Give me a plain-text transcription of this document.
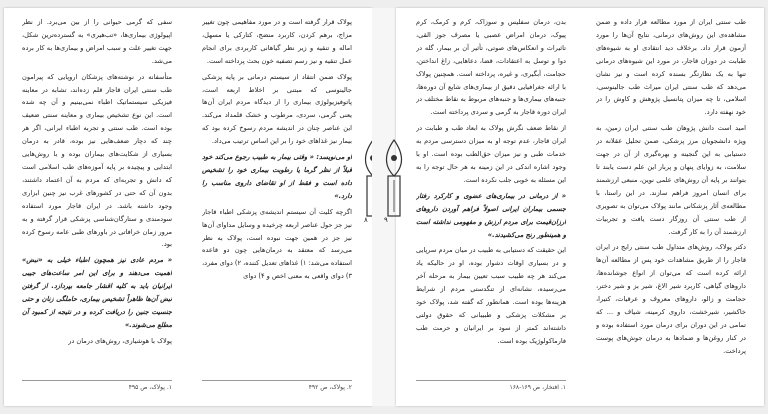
پولاک قرار گرفته است و در مورد مفاهیمی چون تغییر مزاج، برهم کردن، کاربرد منضج، کتارکی یا مسهل، اماله و تنقیه و زیر نظر گیاهانی کاربردی برای انجام عمل تنقیه و نیز رسم تصفیه خون بحث پرداخته است.

پولاک ضمن انتقاد از سیستم درمانی بر پایه پزشکی جالینوسی که مبتنی بر اخلاط اربعه است، پاتوفیزیولوژی بیماری را از دیدگاه مردم ایران آن‌ها یعنی گرمی، سردی، مرطوب و خشک قلمداد می‌کند. این عناصر چنان در اندیشه مردم رسوخ کرده بود که بیمار نیز غذاهای خود را بر این اساس ترتیب می‌داد.

او می‌نویسد: « وقتی بیمار به طبیب رجوع می‌کند خود قبلاً از نظر گرما یا رطوبت بیماری خود را تشخیص داده است و فقط از او تقاضای داروی مناسب را دارد.»

اگرچه کلیت آن سیستم اندیشه‌ی پزشکی اطباء قاجار نیز جز حول عناصر اربعه چرخیده و وسایل مداوای آن‌ها نیز جز در همین جهت نبوده است، پولاک به نظر می‌رسد که معتقد به درمان‌هایی چون دو قاعده استفاده می‌شد: ۱) غذاهای تعدیل کننده، ۲) دوای مفرد، ۳) دوای واقعی به معنی اخص و ۴) دوای

سفی که گرمی حیوانی را از بین می‌برد. از نظر اپیولوژی بیماری‌ها، «تب‌هیری» به گسترده‌ترین شکل، جهت تغییر علت و سبب امراض و بیماری‌ها به کار برده می‌شد.

متأسفانه در نوشته‌های پزشکان اروپایی که پیرامون طب سنتی ایران قاجار قلم زده‌اند، تشابه در معاینه فیزیکی سیستماتیک اطباء نمی‌بینیم و آن چه شده است. این نوع تشخیص بیماری و معاینه سنتی ضعیف بوده است. طب سنتی و تجربه اطباء ایرانی، اگر هر چند که دچار ضعف‌هایی نیز بوده، قادر به درمان بسیاری از شکایت‌های بیماران بوده و با روش‌هایی ابتدایی و پیچیده بر پایه آموزه‌های طب اسلامی است که دانش و تجربه‌ای که مردم به آن اعتماد داشتند، بدون آن که حتی در کشورهای غرب نیز چنین ابزاری وجود داشته باشد. در ایران قاجار مورد استفاده سودمندی و ستارگان‌شناسی پزشکی قرار گرفته و به مرور زمان خرافاتی در باورهای طبی عامه رسوخ کرده بود.

« مردم عادی نیز همچون اطباء خیلی به «نبض» اهمیت می‌دهند و برای این امر ساعت‌های جیبی ایرانیان باید به کلیه اقشار جامعه بپردازد. از گرفتن نبض آن‌ها ظاهراً تشخیص بیماری، حاملگی زنان و حتی جنسیت جنین را دریافت کرده و در نتیجه از کمبود آن مطلع می‌شوند.»

پولاک با هوشیاری، روش‌های درمان در

۱. پولاک، ص ۴۹۵	۲. پولاک، ص ۴۹۲
۸

طب سنتی ایران از مورد مطالعه قرار داده و ضمن مشاهده‌ی این روش‌های درمانی، نتایج آن‌ها را مورد آزمون قرار داد. برخلاف دید انتقادی او به شیوه‌های طبابت در دوران قاجار، در مورد این شیوه‌های درمانی تنها به یک نظارتگر بسنده کرده است و نیز نشان می‌دهد که طب سنتی ایران میراث طب جالینوسی، اسلامی، تا چه میزان پتانسیل پژوهش و کاوش را در خود نهفته دارد.

امید است دانش پژوهان طب سنتی ایران زمین، به ویژه دانشجویان مرز پزشکی، ضمن تحلیل عقلانه در دستیابی به این گنجینه و بهره‌گیری از آن در جهت سلامت، به زوایای پنهان و پربار این علم دست یابند تا بتوانند بر پایه آن روش‌های علمی نوین، منبعی ارزشمند برای انسان امروز فراهم سازند. در این راستا، با مطالعه‌ی آثار پزشکانی مانند پولاک می‌توان به تصویری از طب سنتی آن روزگار دست یافت و تجربیات ارزشمند آن را به کار گرفت.

دکتر پولاک، روش‌های متداول طب سنتی رایج در ایران قاجار را از طریق مشاهدات خود پس از مطالعه آن‌ها ارائه کرده است که می‌توان از انواع جوشانده‌ها، داروهای گیاهی، کاربرد شیر الاغ، شیر بز و شیر دختر، حجامت و زالو، داروهای معروف و عرقیات، کتیرا، خاکشیر، شیرخشت، داروی کرمینه، شیاف و ... که تمامی در این دوران برای درمان مورد استفاده بوده و در کنار روغن‌ها و ضمادها به درمان جوش‌های پوست پرداخت.

بدن، درمان سفلیس و سوزاک، کرم و کرمک، کرم پیوک، درمان امراض عصبی یا مصرف جوز القی، تاثیرات و انعکاس‌های صوتی، تأثیر آن بر بیمار، گله در دوا و توسل به اعتقادات، قضا، دعاهایی، زاغ انداختن، حجامت، آبگیری، و غیره، پرداخته است. همچنین پولاک با ارائه جغرافیایی دقیق از بیماری‌های شایع آن دوره‌ها، جنبه‌های بیماری‌ها و جنبه‌های مربوط به نقاط مختلف در ایران دوره قاجار به گرمی و سردی پرداخته است.

از نقاط ضعف نگرش پولاک به ابعاد طب و طبابت در ایران قاجار، عدم توجه او به میزان دسترسی مردم به خدمات طبی و نیز میزان حق‌الطب بوده است. او با وجود اشاره اندکی در این زمینه به هر حال توجه را به این مسئله به خوبی جلب نکرده است.

« از درمانی در بیماری‌های عضوی و کارکرد رفتار جسمی بیماران ایرانی اصولاً فراهم آوردن داروهای ارزان‌قیمت برای مردم ارزش و مفهومی نداشته است و همینطور رنج می‌کشیدند.»

این حقیقت که دستیابی به طبیب در میان مردم سرپایی و در بسیاری اوقات دشوار بوده، او در حالیکه یاد می‌کند هر چه طبیب سبب تعیین بیمار به مرحله آخر می‌رسیده، نشانه‌ای از تنگدستی مردم از شرایط هزینه‌ها بوده است. همانطور که گفته شد، پولاک خود بر مشکلات پزشکی و طبیبانی که حقوق دولتی داشته‌اند کمتر از سود بر ایرانیان و حرمت طب فارماکولوژیک بوده است.

۱. افتخار، ص ۱۶۹-۱۶۸
۹
